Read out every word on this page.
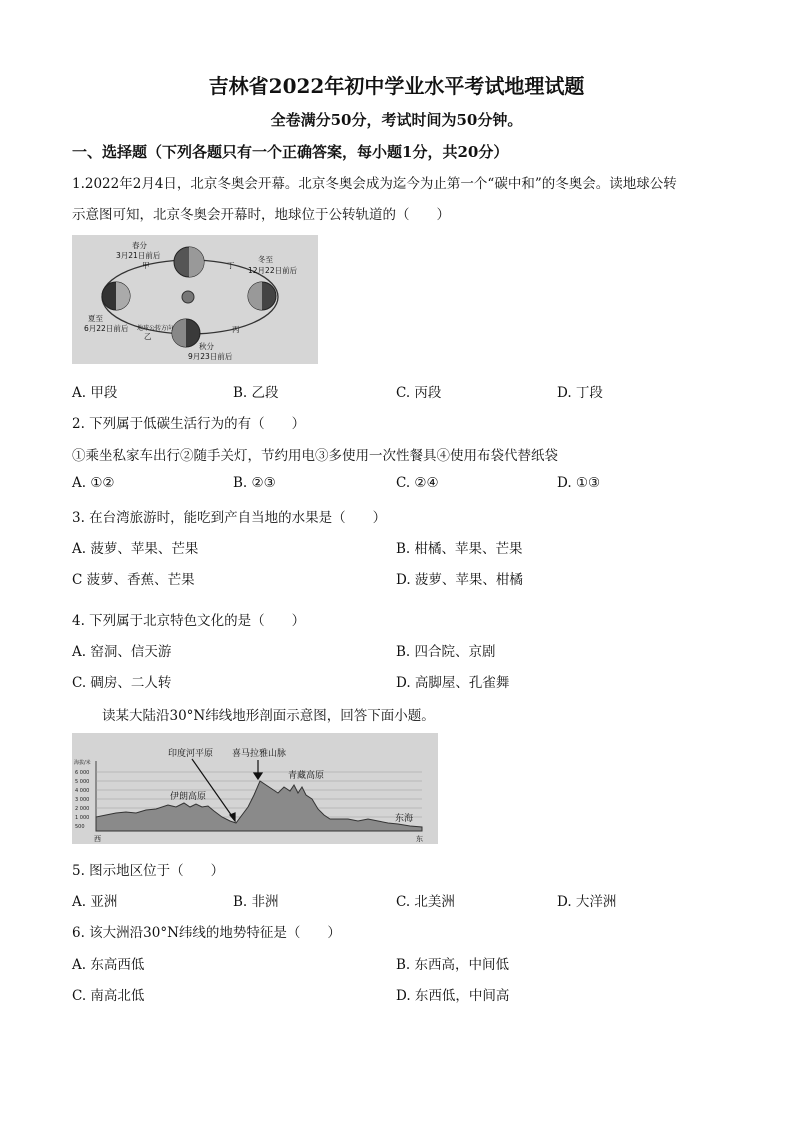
吉林省2022年初中学业水平考试地理试题
全卷满分50分，考试时间为50分钟。
一、选择题（下列各题只有一个正确答案，每小题1分，共20分）
1.2022年2月4日，北京冬奥会开幕。北京冬奥会成为迄今为止第一个“碳中和”的冬奥会。读地球公转
示意图可知，北京冬奥会开幕时，地球位于公转轨道的（　　）
春分
3月21日前后
甲	丁
冬至
12月22日前后
夏至
6月22日前后 地球公转方向
乙
丙
秋分
9月23日前后
A. 甲段	B. 乙段	C. 丙段	D. 丁段
2. 下列属于低碳生活行为的有（　　）
①乘坐私家车出行②随手关灯，节约用电③多使用一次性餐具④使用布袋代替纸袋
A. ①②	B. ②③	C. ②④	D. ①③
3. 在台湾旅游时，能吃到产自当地的水果是（　　）
A. 菠萝、苹果、芒果	B. 柑橘、苹果、芒果
C 菠萝、香蕉、芒果	D. 菠萝、苹果、柑橘
4. 下列属于北京特色文化的是（　　）
A. 窑洞、信天游	B. 四合院、京剧
C. 碉房、二人转	D. 高脚屋、孔雀舞
读某大陆沿30°N纬线地形剖面示意图，回答下面小题。
海拔/米
6 000
5 000
4 000
3 000
2 000
1 000
500
印度河平原 喜马拉雅山脉
青藏高原
伊朗高原
东海
西	东
5. 图示地区位于（　　）
A. 亚洲	B. 非洲	C. 北美洲	D. 大洋洲
6. 该大洲沿30°N纬线的地势特征是（　　）
A. 东高西低	B. 东西高，中间低
C. 南高北低	D. 东西低，中间高
